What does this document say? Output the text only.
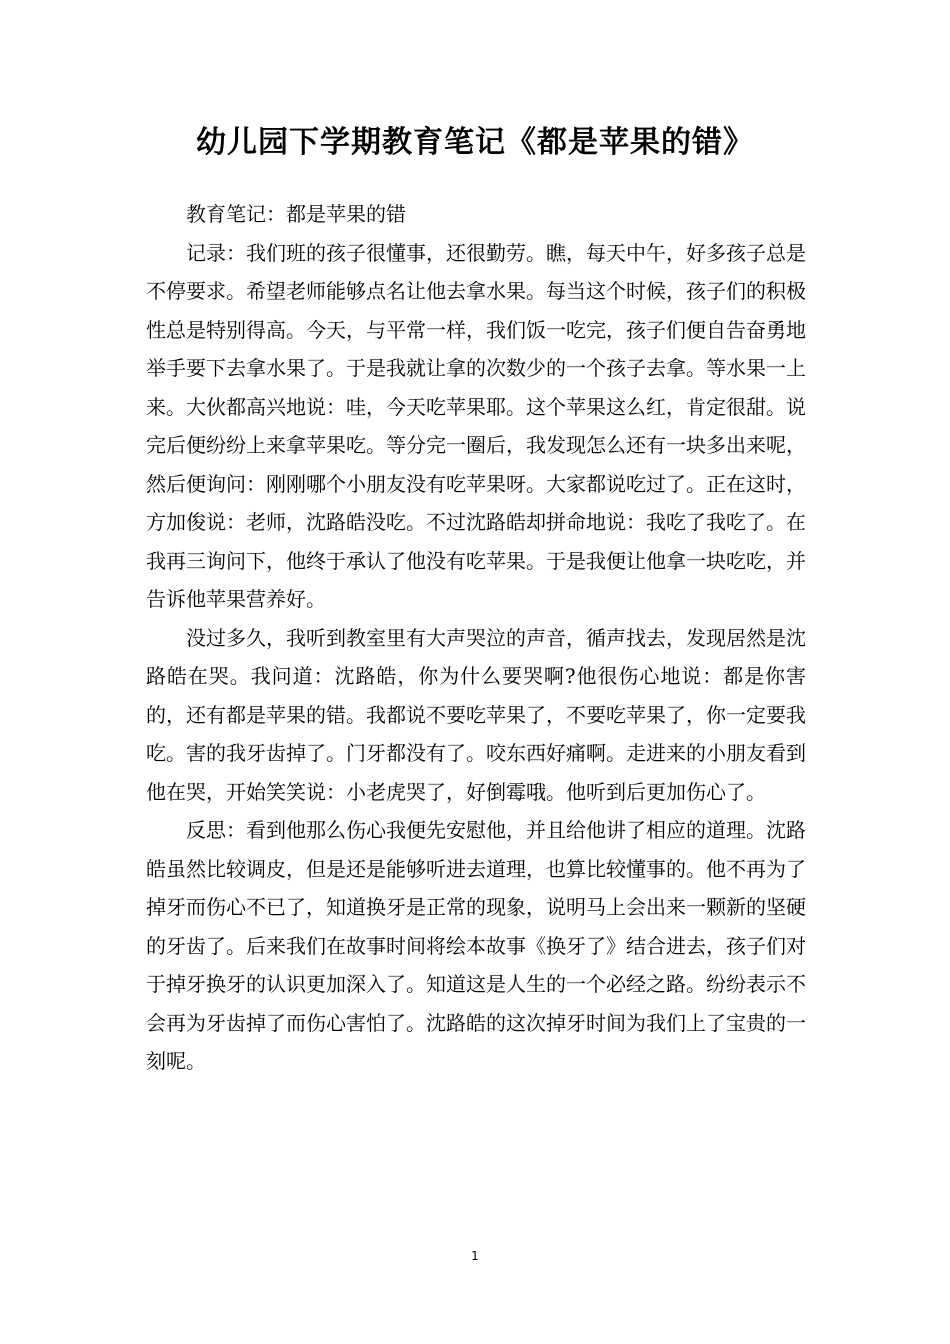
幼儿园下学期教育笔记《都是苹果的错》

教育笔记：都是苹果的错

记录：我们班的孩子很懂事，还很勤劳。瞧，每天中午，好多孩子总是不停要求。希望老师能够点名让他去拿水果。每当这个时候，孩子们的积极性总是特别得高。今天，与平常一样，我们饭一吃完，孩子们便自告奋勇地举手要下去拿水果了。于是我就让拿的次数少的一个孩子去拿。等水果一上来。大伙都高兴地说：哇，今天吃苹果耶。这个苹果这么红，肯定很甜。说完后便纷纷上来拿苹果吃。等分完一圈后，我发现怎么还有一块多出来呢，然后便询问：刚刚哪个小朋友没有吃苹果呀。大家都说吃过了。正在这时，方加俊说：老师，沈路皓没吃。不过沈路皓却拼命地说：我吃了我吃了。在我再三询问下，他终于承认了他没有吃苹果。于是我便让他拿一块吃吃，并告诉他苹果营养好。

没过多久，我听到教室里有大声哭泣的声音，循声找去，发现居然是沈路皓在哭。我问道：沈路皓，你为什么要哭啊?他很伤心地说：都是你害的，还有都是苹果的错。我都说不要吃苹果了，不要吃苹果了，你一定要我吃。害的我牙齿掉了。门牙都没有了。咬东西好痛啊。走进来的小朋友看到他在哭，开始笑笑说：小老虎哭了，好倒霉哦。他听到后更加伤心了。

反思：看到他那么伤心我便先安慰他，并且给他讲了相应的道理。沈路皓虽然比较调皮，但是还是能够听进去道理，也算比较懂事的。他不再为了掉牙而伤心不已了，知道换牙是正常的现象，说明马上会出来一颗新的坚硬的牙齿了。后来我们在故事时间将绘本故事《换牙了》结合进去，孩子们对于掉牙换牙的认识更加深入了。知道这是人生的一个必经之路。纷纷表示不会再为牙齿掉了而伤心害怕了。沈路皓的这次掉牙时间为我们上了宝贵的一刻呢。

1
